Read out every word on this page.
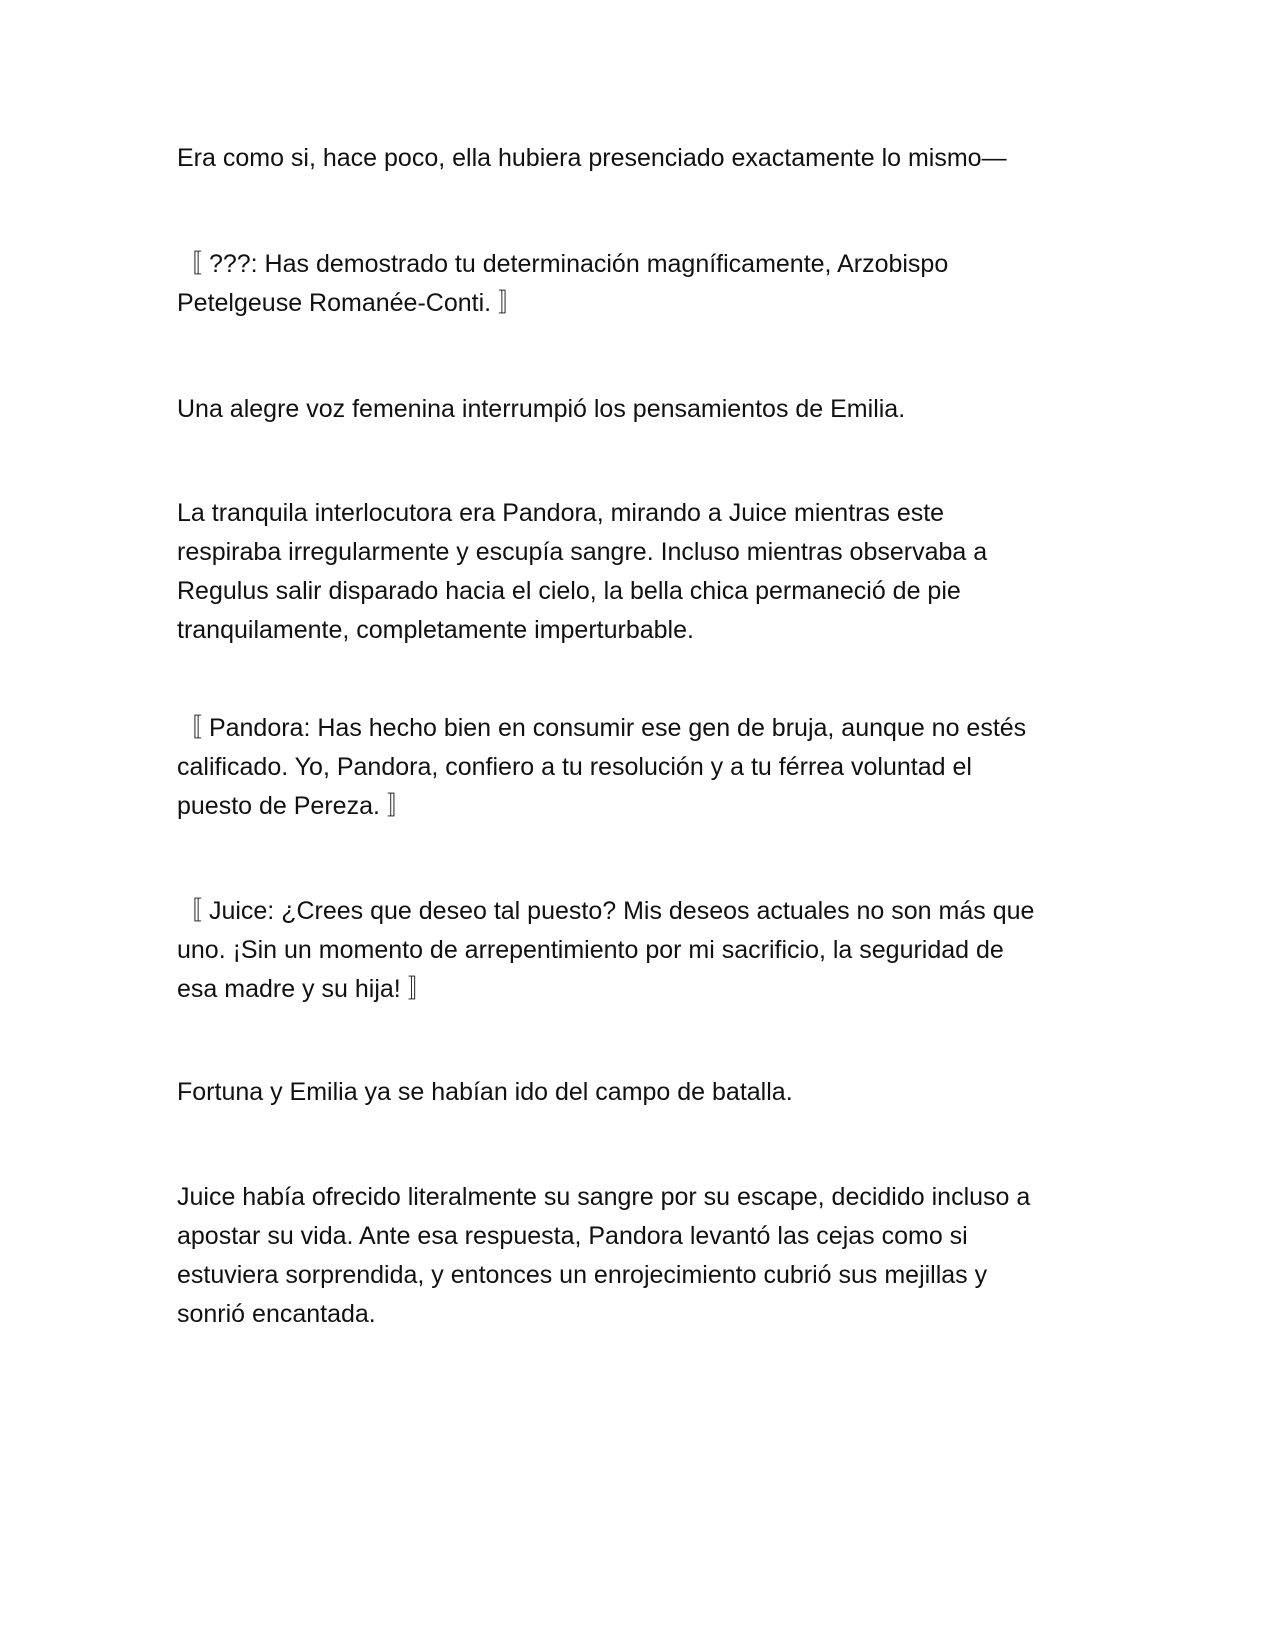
Era como si, hace poco, ella hubiera presenciado exactamente lo mismo—

〚 ???: Has demostrado tu determinación magníficamente, Arzobispo
Petelgeuse Romanée-Conti. 〛

Una alegre voz femenina interrumpió los pensamientos de Emilia.

La tranquila interlocutora era Pandora, mirando a Juice mientras este
respiraba irregularmente y escupía sangre. Incluso mientras observaba a
Regulus salir disparado hacia el cielo, la bella chica permaneció de pie
tranquilamente, completamente imperturbable.

〚 Pandora: Has hecho bien en consumir ese gen de bruja, aunque no estés
calificado. Yo, Pandora, confiero a tu resolución y a tu férrea voluntad el
puesto de Pereza. 〛

〚 Juice: ¿Crees que deseo tal puesto? Mis deseos actuales no son más que
uno. ¡Sin un momento de arrepentimiento por mi sacrificio, la seguridad de
esa madre y su hija! 〛

Fortuna y Emilia ya se habían ido del campo de batalla.

Juice había ofrecido literalmente su sangre por su escape, decidido incluso a
apostar su vida. Ante esa respuesta, Pandora levantó las cejas como si
estuviera sorprendida, y entonces un enrojecimiento cubrió sus mejillas y
sonrió encantada.
